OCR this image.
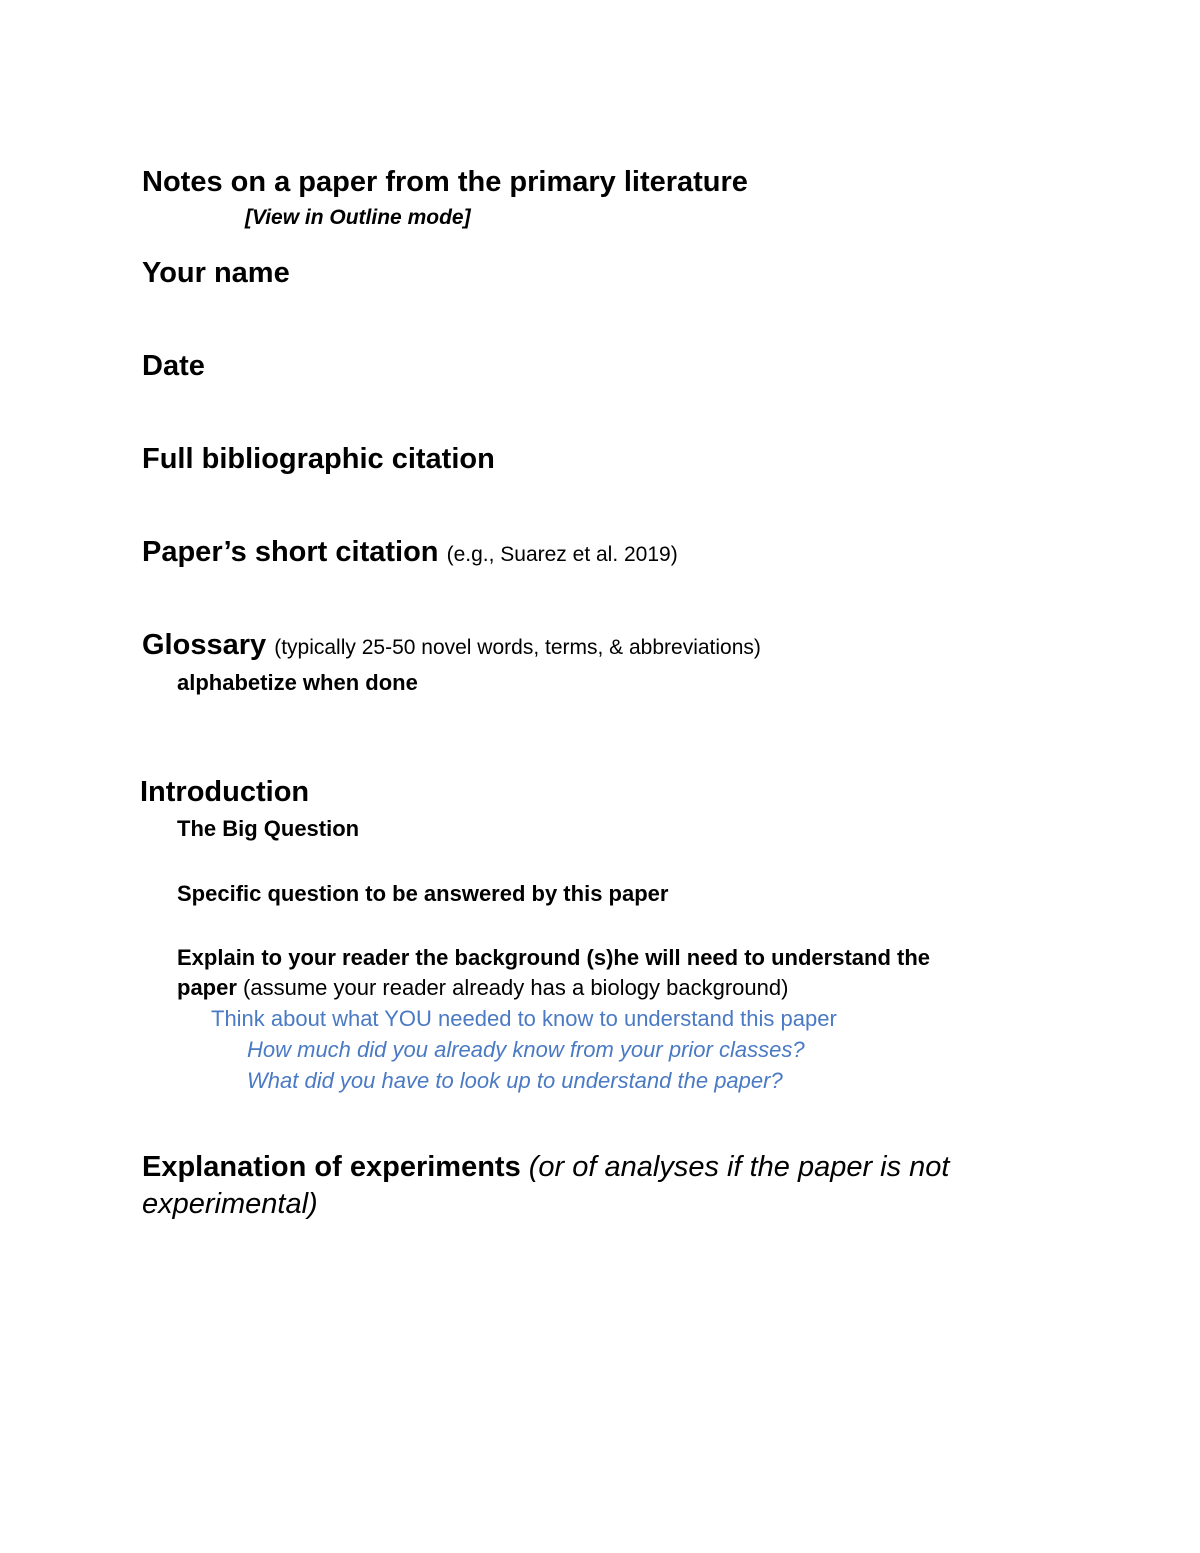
Notes on a paper from the primary literature
[View in Outline mode]
Your name
Date
Full bibliographic citation
Paper’s short citation (e.g., Suarez et al. 2019)
Glossary (typically 25-50 novel words, terms, & abbreviations)
alphabetize when done
Introduction
The Big Question
Specific question to be answered by this paper
Explain to your reader the background (s)he will need to understand the
paper (assume your reader already has a biology background)
Think about what YOU needed to know to understand this paper
How much did you already know from your prior classes?
What did you have to look up to understand the paper?
Explanation of experiments (or of analyses if the paper is not
experimental)
